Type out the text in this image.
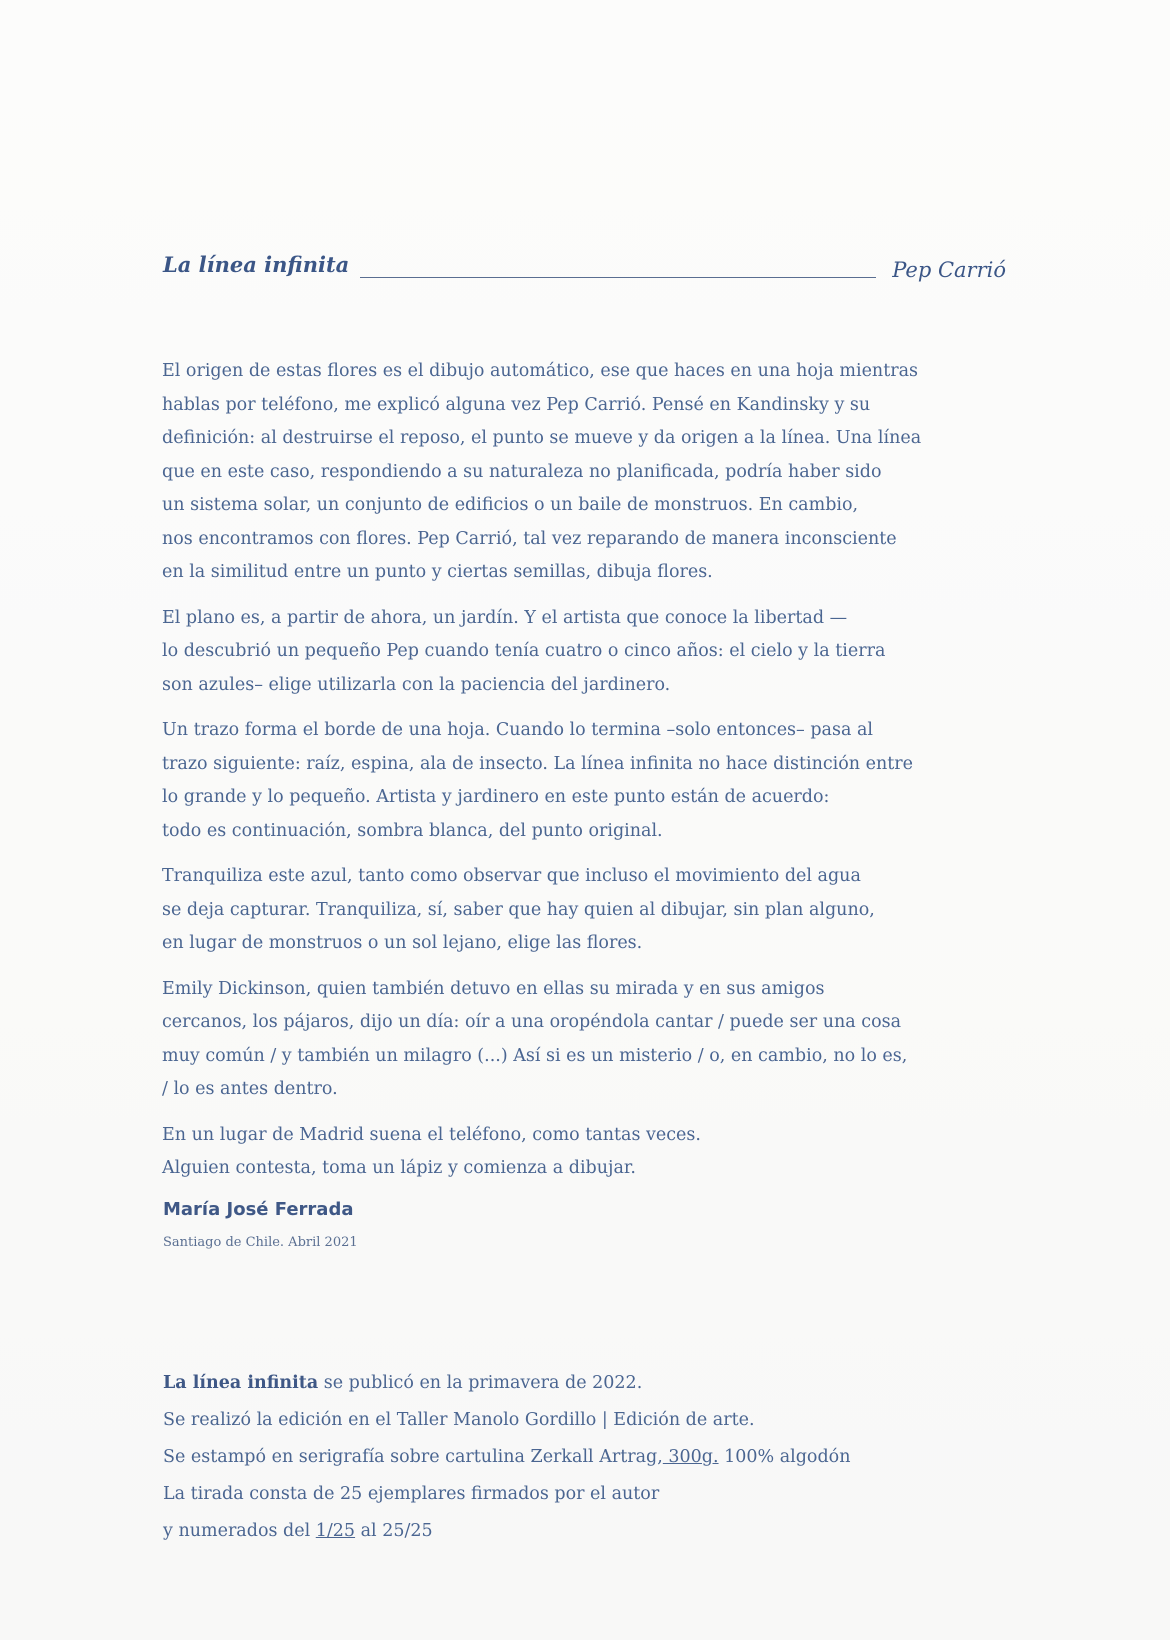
La línea infinita	Pep Carrió

El origen de estas flores es el dibujo automático, ese que haces en una hoja mientras
hablas por teléfono, me explicó alguna vez Pep Carrió. Pensé en Kandinsky y su
definición: al destruirse el reposo, el punto se mueve y da origen a la línea. Una línea
que en este caso, respondiendo a su naturaleza no planificada, podría haber sido
un sistema solar, un conjunto de edificios o un baile de monstruos. En cambio,
nos encontramos con flores. Pep Carrió, tal vez reparando de manera inconsciente
en la similitud entre un punto y ciertas semillas, dibuja flores.

El plano es, a partir de ahora, un jardín. Y el artista que conoce la libertad —
lo descubrió un pequeño Pep cuando tenía cuatro o cinco años: el cielo y la tierra
son azules– elige utilizarla con la paciencia del jardinero.

Un trazo forma el borde de una hoja. Cuando lo termina –solo entonces– pasa al
trazo siguiente: raíz, espina, ala de insecto. La línea infinita no hace distinción entre
lo grande y lo pequeño. Artista y jardinero en este punto están de acuerdo:
todo es continuación, sombra blanca, del punto original.

Tranquiliza este azul, tanto como observar que incluso el movimiento del agua
se deja capturar. Tranquiliza, sí, saber que hay quien al dibujar, sin plan alguno,
en lugar de monstruos o un sol lejano, elige las flores.

Emily Dickinson, quien también detuvo en ellas su mirada y en sus amigos
cercanos, los pájaros, dijo un día: oír a una oropéndola cantar / puede ser una cosa
muy común / y también un milagro (...) Así si es un misterio / o, en cambio, no lo es,
/ lo es antes dentro.

En un lugar de Madrid suena el teléfono, como tantas veces.
Alguien contesta, toma un lápiz y comienza a dibujar.

María José Ferrada
Santiago de Chile. Abril 2021
La línea infinita se publicó en la primavera de 2022.
Se realizó la edición en el Taller Manolo Gordillo | Edición de arte.
Se estampó en serigrafía sobre cartulina Zerkall Artrag, 300g. 100% algodón
La tirada consta de 25 ejemplares firmados por el autor
y numerados del 1/25 al 25/25
